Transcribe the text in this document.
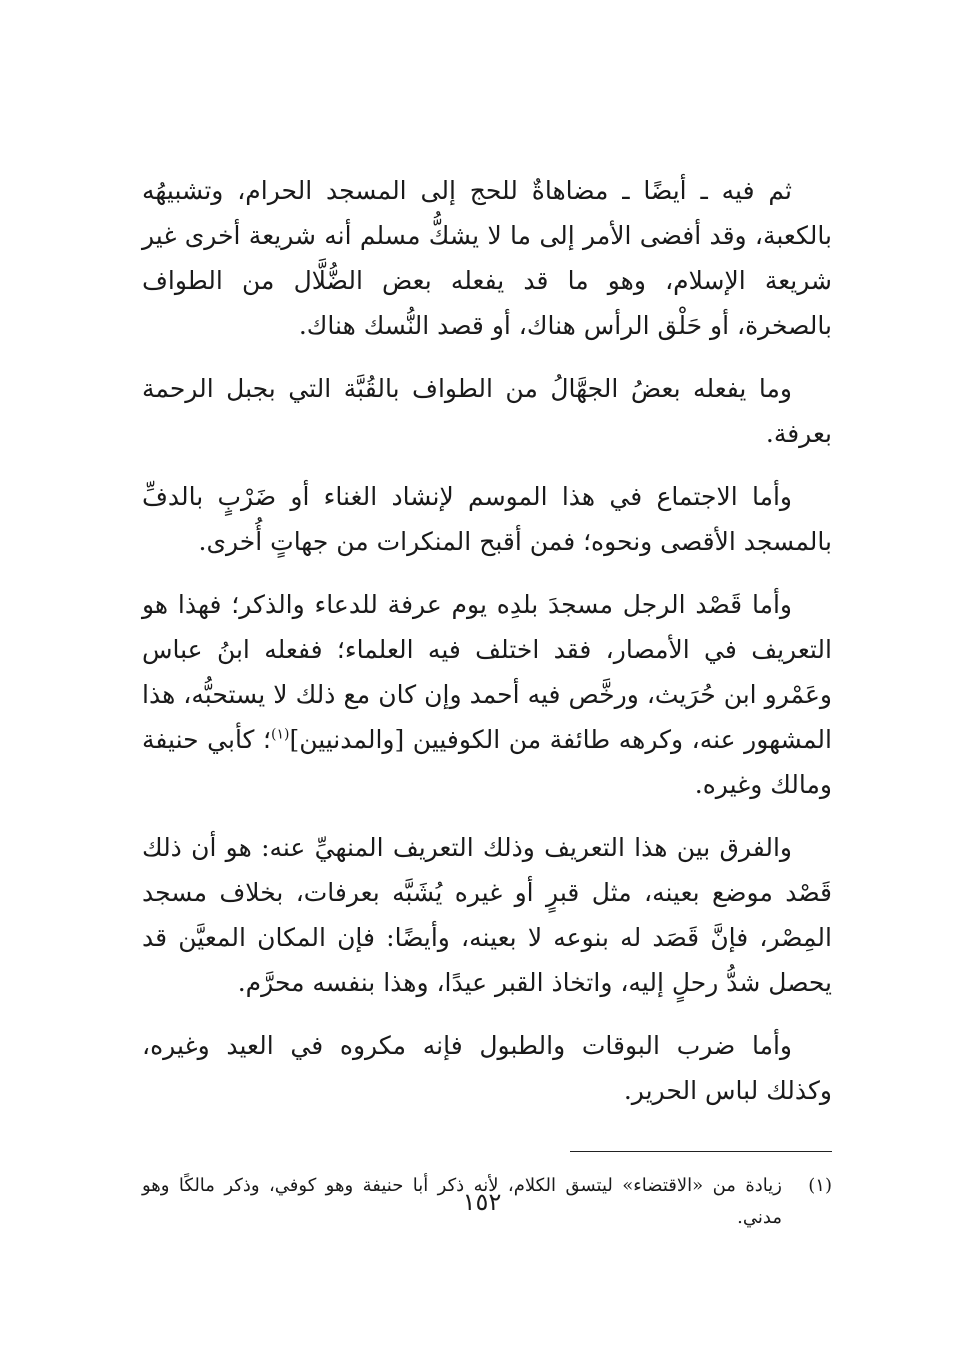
ثم فيه ـ أيضًا ـ مضاهاةٌ للحج إلى المسجد الحرام، وتشبيهُه بالكعبة، وقد أفضى الأمر إلى ما لا يشكُّ مسلم أنه شريعة أخرى غير شريعة الإسلام، وهو ما قد يفعله بعض الضُّلَّال من الطواف بالصخرة، أو حَلْق الرأس هناك، أو قصد النُّسك هناك.

وما يفعله بعضُ الجهَّالُ من الطواف بالقُبَّة التي بجبل الرحمة بعرفة.

وأما الاجتماع في هذا الموسم لإنشاد الغناء أو ضَرْبٍ بالدفِّ بالمسجد الأقصى ونحوه؛ فمن أقبح المنكرات من جهاتٍ أُخرى.

وأما قَصْد الرجل مسجدَ بلدِه يوم عرفة للدعاء والذكر؛ فهذا هو التعريف في الأمصار، فقد اختلف فيه العلماء؛ ففعله ابنُ عباس وعَمْرو ابن حُرَيث، ورخَّص فيه أحمد وإن كان مع ذلك لا يستحبُّه، هذا المشهور عنه، وكرهه طائفة من الكوفيين [والمدنيين]$^{(١)}$؛ كأبي حنيفة ومالك وغيره.

والفرق بين هذا التعريف وذلك التعريف المنهيِّ عنه: هو أن ذلك قَصْد موضع بعينه، مثل قبرٍ أو غيره يُشَبَّه بعرفات، بخلاف مسجد المِصْر، فإنَّ قَصَد له بنوعه لا بعينه، وأيضًا: فإن المكان المعيَّن قد يحصل شدُّ رحلٍ إليه، واتخاذ القبر عيدًا، وهذا بنفسه محرَّم.

وأما ضرب البوقات والطبول فإنه مكروه في العيد وغيره، وكذلك لباس الحرير.

(١)
زيادة من «الاقتضاء» ليتسق الكلام، لأنه ذكر أبا حنيفة وهو كوفي، وذكر مالكًا وهو مدني.

١٥٢
